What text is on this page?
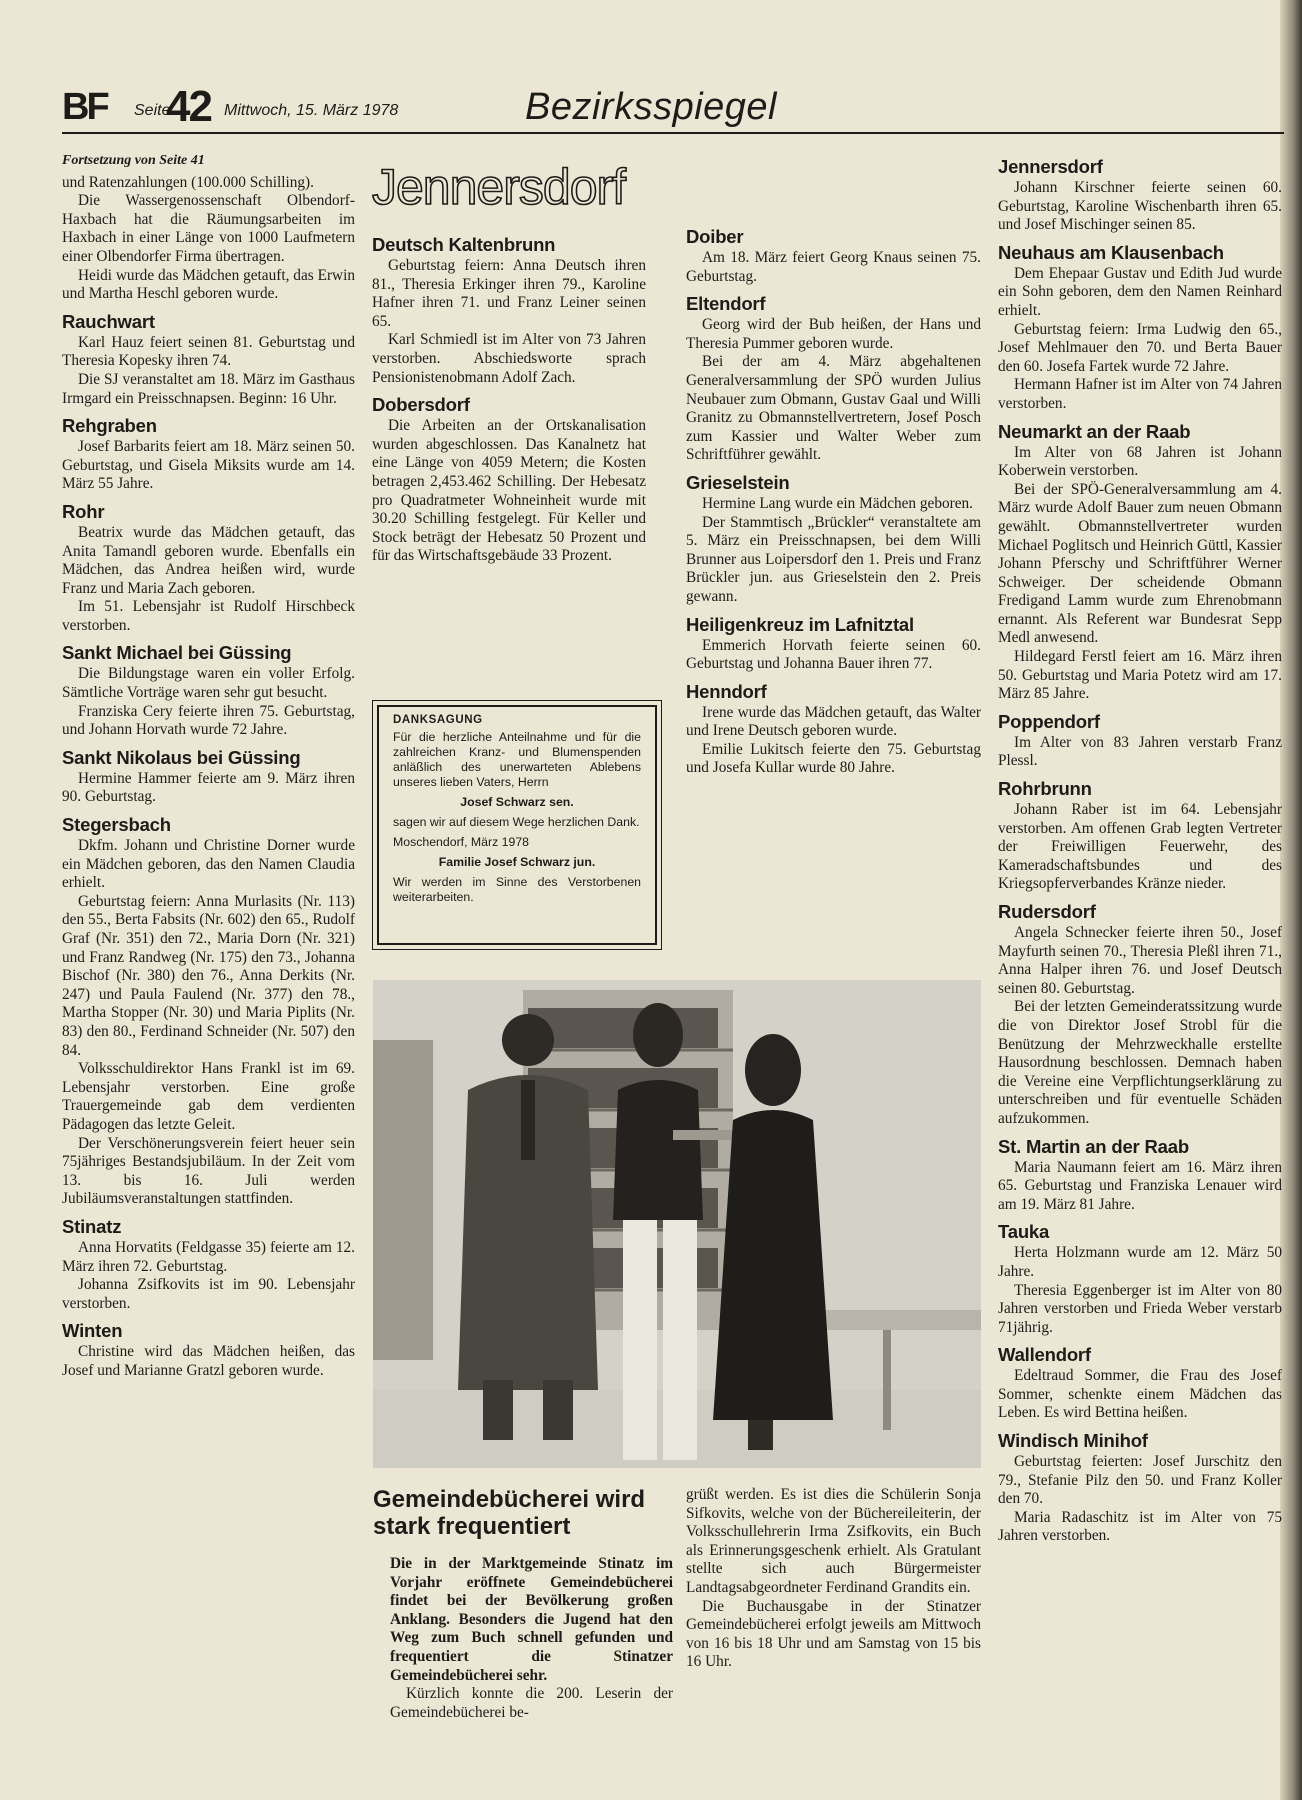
BF Seite
42 Mittwoch, 15. März 1978	Bezirksspiegel
Fortsetzung von Seite 41

und Ratenzahlungen (100.000 Schilling).

Die Wassergenossenschaft Olbendorf-Haxbach hat die Räumungsarbeiten im Haxbach in einer Länge von 1000 Laufmetern einer Olbendorfer Firma übertragen.

Heidi wurde das Mädchen getauft, das Erwin und Martha Heschl geboren wurde.

Rauchwart

Karl Hauz feiert seinen 81. Geburtstag und Theresia Kopesky ihren 74.

Die SJ veranstaltet am 18. März im Gasthaus Irmgard ein Preisschnapsen. Beginn: 16 Uhr.

Rehgraben

Josef Barbarits feiert am 18. März seinen 50. Geburtstag, und Gisela Miksits wurde am 14. März 55 Jahre.

Rohr

Beatrix wurde das Mädchen getauft, das Anita Tamandl geboren wurde. Ebenfalls ein Mädchen, das Andrea heißen wird, wurde Franz und Maria Zach geboren.

Im 51. Lebensjahr ist Rudolf Hirschbeck verstorben.

Sankt Michael bei Güssing

Die Bildungstage waren ein voller Erfolg. Sämtliche Vorträge waren sehr gut besucht.

Franziska Cery feierte ihren 75. Geburtstag, und Johann Horvath wurde 72 Jahre.

Sankt Nikolaus bei Güssing

Hermine Hammer feierte am 9. März ihren 90. Geburtstag.

Stegersbach

Dkfm. Johann und Christine Dorner wurde ein Mädchen geboren, das den Namen Claudia erhielt.

Geburtstag feiern: Anna Murlasits (Nr. 113) den 55., Berta Fabsits (Nr. 602) den 65., Rudolf Graf (Nr. 351) den 72., Maria Dorn (Nr. 321) und Franz Randweg (Nr. 175) den 73., Johanna Bischof (Nr. 380) den 76., Anna Derkits (Nr. 247) und Paula Faulend (Nr. 377) den 78., Martha Stopper (Nr. 30) und Maria Piplits (Nr. 83) den 80., Ferdinand Schneider (Nr. 507) den 84.

Volksschuldirektor Hans Frankl ist im 69. Lebensjahr verstorben. Eine große Trauergemeinde gab dem verdienten Pädagogen das letzte Geleit.

Der Verschönerungsverein feiert heuer sein 75jähriges Bestandsjubiläum. In der Zeit vom 13. bis 16. Juli werden Jubiläumsveranstaltungen stattfinden.

Stinatz

Anna Horvatits (Feldgasse 35) feierte am 12. März ihren 72. Geburtstag.

Johanna Zsifkovits ist im 90. Lebensjahr verstorben.

Winten

Christine wird das Mädchen heißen, das Josef und Marianne Gratzl geboren wurde.

Jennersdorf
Deutsch Kaltenbrunn

Geburtstag feiern: Anna Deutsch ihren 81., Theresia Erkinger ihren 79., Karoline Hafner ihren 71. und Franz Leiner seinen 65.

Karl Schmiedl ist im Alter von 73 Jahren verstorben. Abschiedsworte sprach Pensionistenobmann Adolf Zach.

Dobersdorf

Die Arbeiten an der Ortskanalisation wurden abgeschlossen. Das Kanalnetz hat eine Länge von 4059 Metern; die Kosten betragen 2,453.462 Schilling. Der Hebesatz pro Quadratmeter Wohneinheit wurde mit 30.20 Schilling festgelegt. Für Keller und Stock beträgt der Hebesatz 50 Prozent und für das Wirtschaftsgebäude 33 Prozent.

DANKSAGUNG

Für die herzliche Anteilnahme und für die zahlreichen Kranz- und Blumenspenden anläßlich des unerwarteten Ablebens unseres lieben Vaters, Herrn

Josef Schwarz sen.

sagen wir auf diesem Wege herzlichen Dank.

Moschendorf, März 1978

Familie Josef Schwarz jun.

Wir werden im Sinne des Verstorbenen weiterarbeiten.

Doiber

Am 18. März feiert Georg Knaus seinen 75. Geburtstag.

Eltendorf

Georg wird der Bub heißen, der Hans und Theresia Pummer geboren wurde.

Bei der am 4. März abgehaltenen Generalversammlung der SPÖ wurden Julius Neubauer zum Obmann, Gustav Gaal und Willi Granitz zu Obmannstellvertretern, Josef Posch zum Kassier und Walter Weber zum Schriftführer gewählt.

Grieselstein

Hermine Lang wurde ein Mädchen geboren.

Der Stammtisch „Brückler“ veranstaltete am 5. März ein Preisschnapsen, bei dem Willi Brunner aus Loipersdorf den 1. Preis und Franz Brückler jun. aus Grieselstein den 2. Preis gewann.

Heiligenkreuz im Lafnitztal

Emmerich Horvath feierte seinen 60. Geburtstag und Johanna Bauer ihren 77.

Henndorf

Irene wurde das Mädchen getauft, das Walter und Irene Deutsch geboren wurde.

Emilie Lukitsch feierte den 75. Geburtstag und Josefa Kullar wurde 80 Jahre.

Gemeindebücherei wird stark frequentiert

Die in der Marktgemeinde Stinatz im Vorjahr eröffnete Gemeindebücherei findet bei der Bevölkerung großen Anklang. Besonders die Jugend hat den Weg zum Buch schnell gefunden und frequentiert die Stinatzer Gemeindebücherei sehr.

Kürzlich konnte die 200. Leserin der Gemeindebücherei be-

grüßt werden. Es ist dies die Schülerin Sonja Sifkovits, welche von der Büchereileiterin, der Volksschullehrerin Irma Zsifkovits, ein Buch als Erinnerungsgeschenk erhielt. Als Gratulant stellte sich auch Bürgermeister Landtagsabgeordneter Ferdinand Grandits ein.

Die Buchausgabe in der Stinatzer Gemeindebücherei erfolgt jeweils am Mittwoch von 16 bis 18 Uhr und am Samstag von 15 bis 16 Uhr.

Jennersdorf

Johann Kirschner feierte seinen 60. Geburtstag, Karoline Wischenbarth ihren 65. und Josef Mischinger seinen 85.

Neuhaus am Klausenbach

Dem Ehepaar Gustav und Edith Jud wurde ein Sohn geboren, dem den Namen Reinhard erhielt.

Geburtstag feiern: Irma Ludwig den 65., Josef Mehlmauer den 70. und Berta Bauer den 60. Josefa Fartek wurde 72 Jahre.

Hermann Hafner ist im Alter von 74 Jahren verstorben.

Neumarkt an der Raab

Im Alter von 68 Jahren ist Johann Koberwein verstorben.

Bei der SPÖ-Generalversammlung am 4. März wurde Adolf Bauer zum neuen Obmann gewählt. Obmannstellvertreter wurden Michael Poglitsch und Heinrich Güttl, Kassier Johann Pferschy und Schriftführer Werner Schweiger. Der scheidende Obmann Fredigand Lamm wurde zum Ehrenobmann ernannt. Als Referent war Bundesrat Sepp Medl anwesend.

Hildegard Ferstl feiert am 16. März ihren 50. Geburtstag und Maria Potetz wird am 17. März 85 Jahre.

Poppendorf

Im Alter von 83 Jahren verstarb Franz Plessl.

Rohrbrunn

Johann Raber ist im 64. Lebensjahr verstorben. Am offenen Grab legten Vertreter der Freiwilligen Feuerwehr, des Kameradschaftsbundes und des Kriegsopferverbandes Kränze nieder.

Rudersdorf

Angela Schnecker feierte ihren 50., Josef Mayfurth seinen 70., Theresia Pleßl ihren 71., Anna Halper ihren 76. und Josef Deutsch seinen 80. Geburtstag.

Bei der letzten Gemeinderatssitzung wurde die von Direktor Josef Strobl für die Benützung der Mehrzweckhalle erstellte Hausordnung beschlossen. Demnach haben die Vereine eine Verpflichtungserklärung zu unterschreiben und für eventuelle Schäden aufzukommen.

St. Martin an der Raab

Maria Naumann feiert am 16. März ihren 65. Geburtstag und Franziska Lenauer wird am 19. März 81 Jahre.

Tauka

Herta Holzmann wurde am 12. März 50 Jahre.

Theresia Eggenberger ist im Alter von 80 Jahren verstorben und Frieda Weber verstarb 71jährig.

Wallendorf

Edeltraud Sommer, die Frau des Josef Sommer, schenkte einem Mädchen das Leben. Es wird Bettina heißen.

Windisch Minihof

Geburtstag feierten: Josef Jurschitz den 79., Stefanie Pilz den 50. und Franz Koller den 70.

Maria Radaschitz ist im Alter von 75 Jahren verstorben.
